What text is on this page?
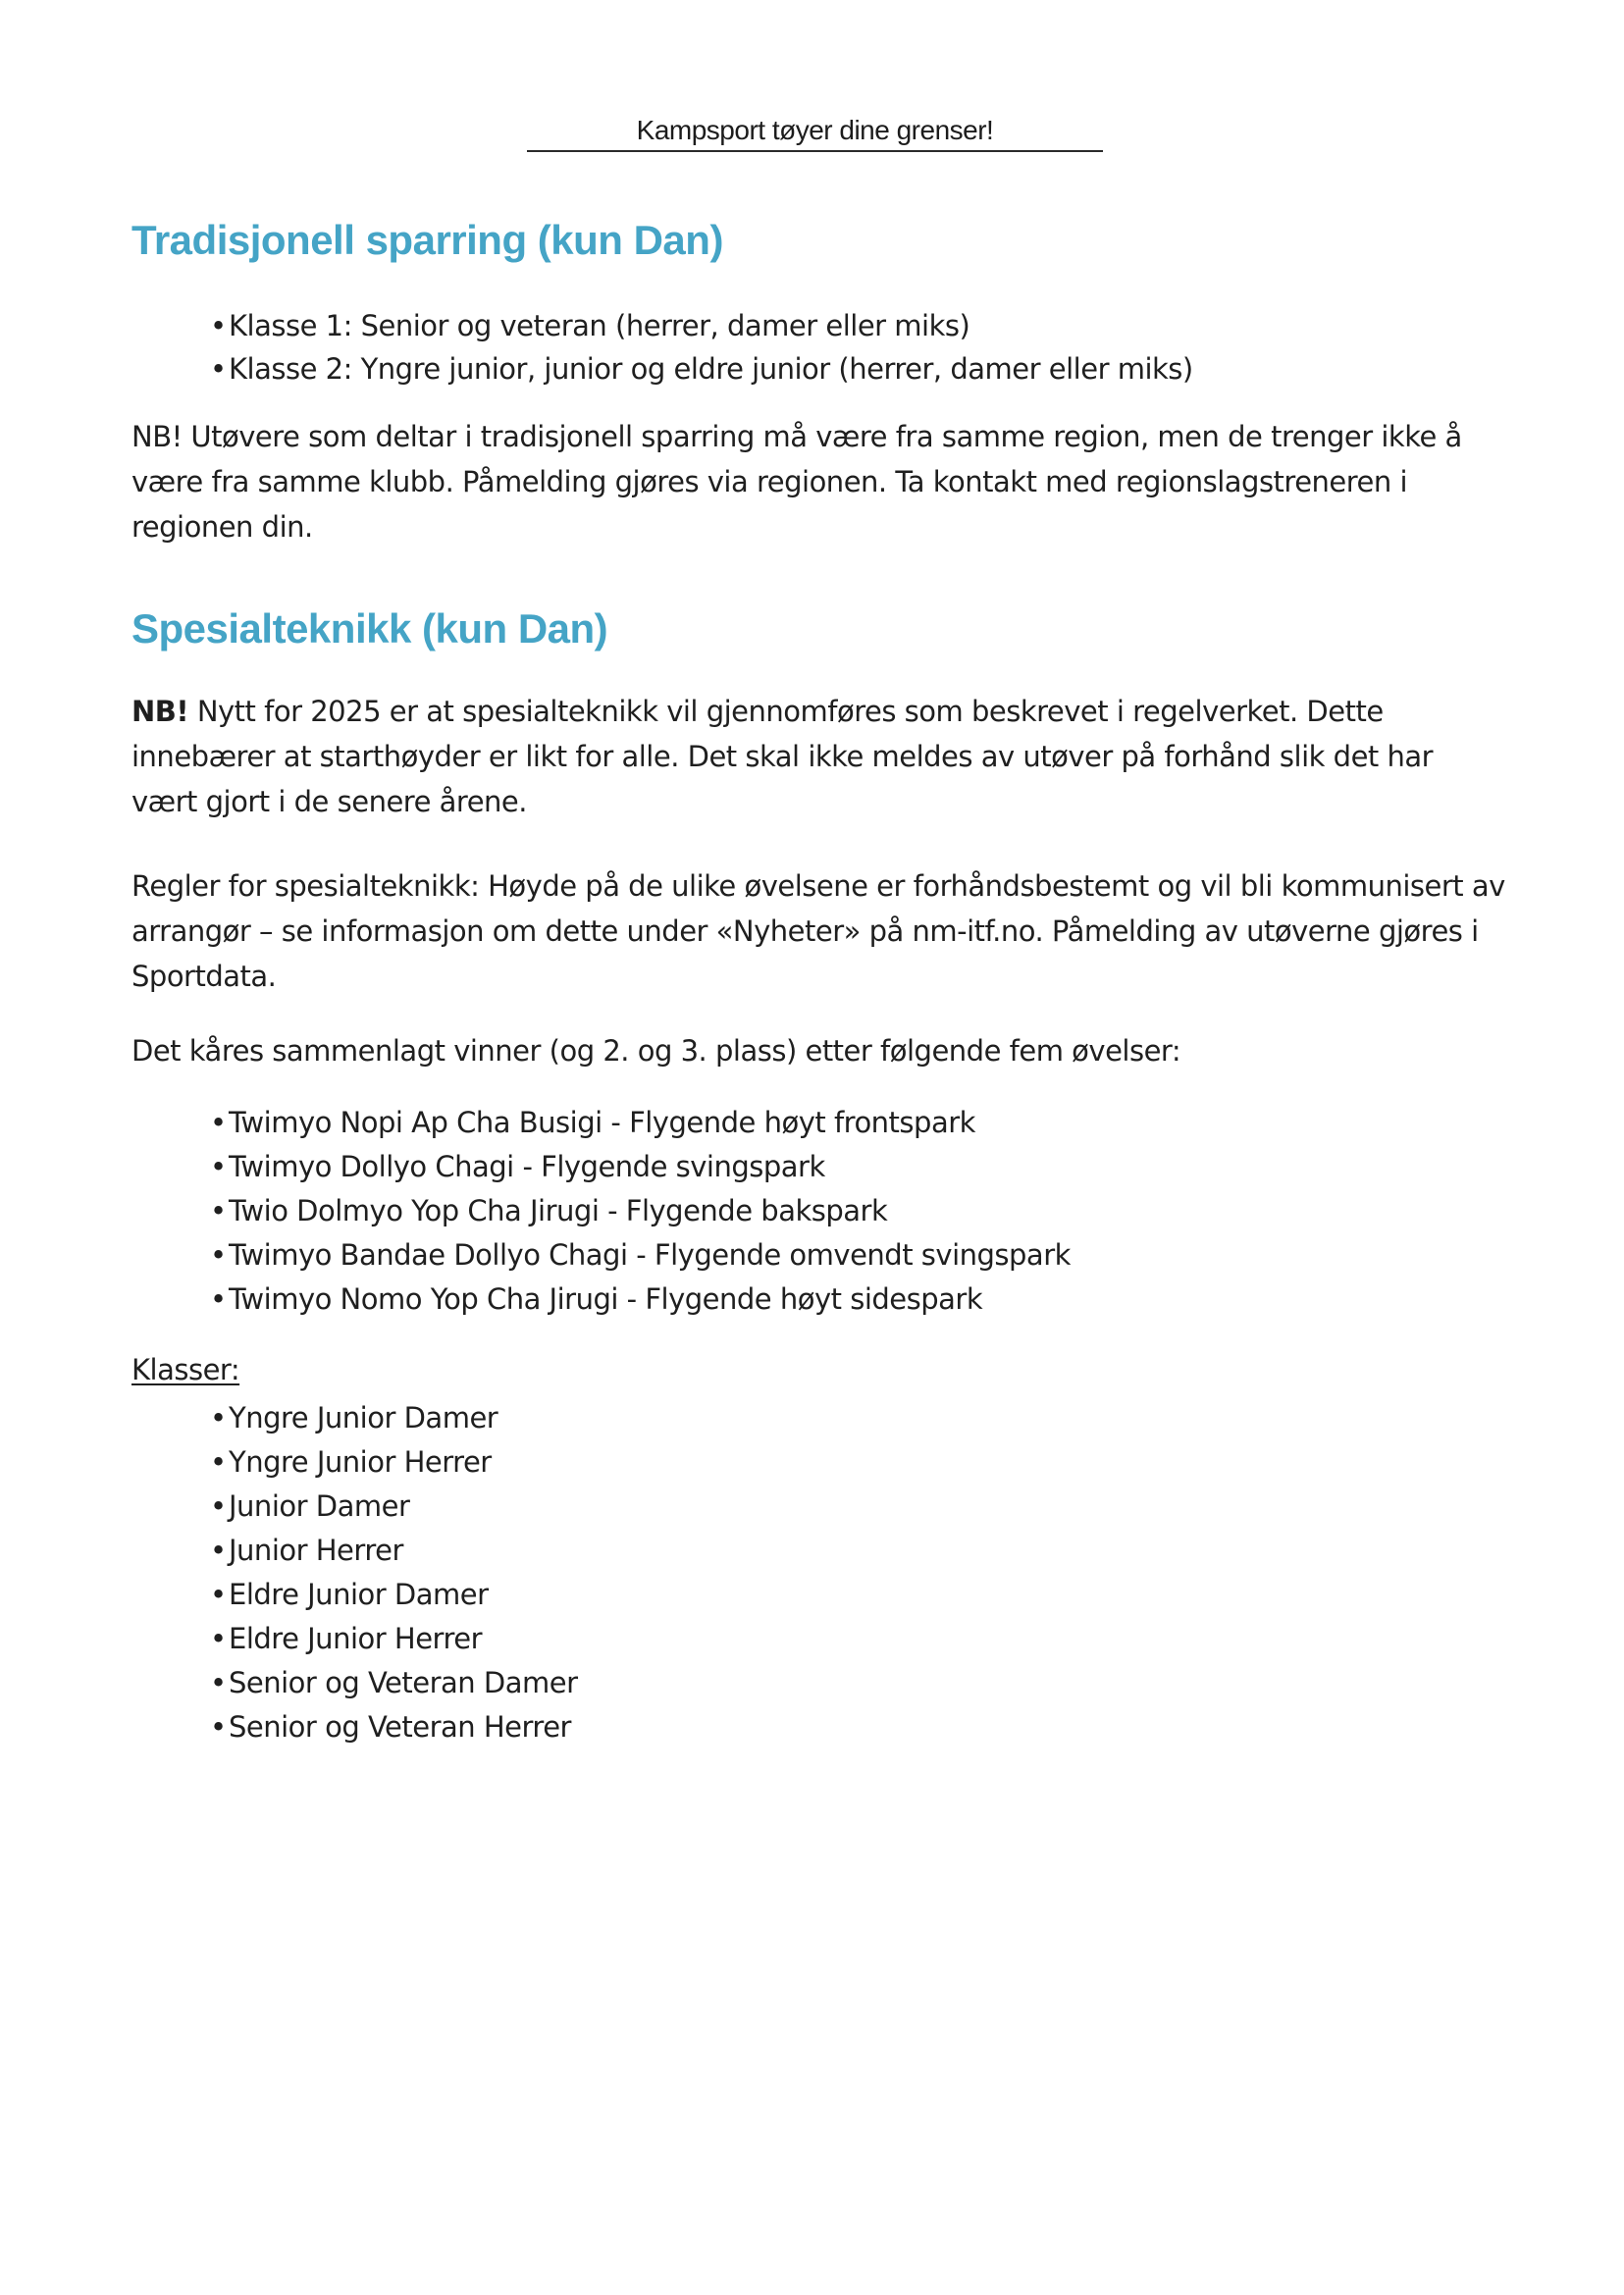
Kampsport tøyer dine grenser!
Tradisjonell sparring (kun Dan)
• Klasse 1: Senior og veteran (herrer, damer eller miks)
• Klasse 2: Yngre junior, junior og eldre junior (herrer, damer eller miks)

NB! Utøvere som deltar i tradisjonell sparring må være fra samme region, men de trenger ikke å være fra samme klubb. Påmelding gjøres via regionen. Ta kontakt med regionslagstreneren i regionen din.

Spesialteknikk (kun Dan)

NB! Nytt for 2025 er at spesialteknikk vil gjennomføres som beskrevet i regelverket. Dette innebærer at starthøyder er likt for alle. Det skal ikke meldes av utøver på forhånd slik det har vært gjort i de senere årene.

Regler for spesialteknikk: Høyde på de ulike øvelsene er forhåndsbestemt og vil bli kommunisert av arrangør – se informasjon om dette under «Nyheter» på nm-itf.no. Påmelding av utøverne gjøres i Sportdata.

Det kåres sammenlagt vinner (og 2. og 3. plass) etter følgende fem øvelser:

• Twimyo Nopi Ap Cha Busigi - Flygende høyt frontspark
• Twimyo Dollyo Chagi - Flygende svingspark
• Twio Dolmyo Yop Cha Jirugi - Flygende bakspark
• Twimyo Bandae Dollyo Chagi - Flygende omvendt svingspark
• Twimyo Nomo Yop Cha Jirugi - Flygende høyt sidespark
Klasser:
• Yngre Junior Damer
• Yngre Junior Herrer
• Junior Damer
• Junior Herrer
• Eldre Junior Damer
• Eldre Junior Herrer
• Senior og Veteran Damer
• Senior og Veteran Herrer
